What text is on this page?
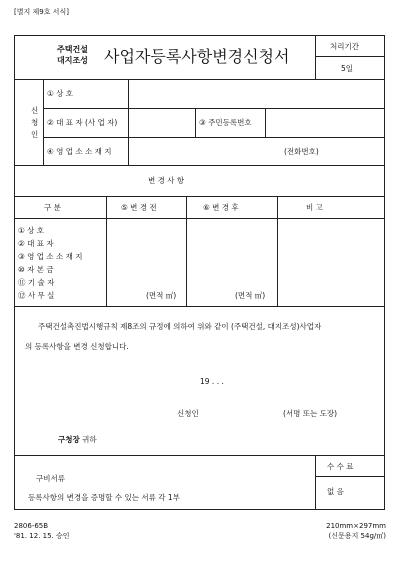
[별지 제9호 서식]
주택건설
대지조성 사업자등록사항변경신청서
처리기간
5일
신
청
인
① 상 호
② 대 표 자 (사 업 자)	③ 주민등록번호
④ 영 업 소 소 재 지	(전화번호)
변 경 사 항
구 분	⑤ 변 경 전	⑥ 변 경 후	비 고
① 상 호
② 대 표 자
③ 영 업 소 소 재 지
⑩ 자 본 금
⑪ 기 술 자
⑫ 사 무 실	(면적 ㎡)	(면적 ㎡)
주택건설촉진법시행규칙 제8조의 규정에 의하여 위와 같이 (주택건설, 대지조성)사업자
의 등록사항을 변경 신청합니다.
19 . . .
신청인	(서명 또는 도장)
구청장 귀하
구비서류
등록사항의 변경을 증명할 수 있는 서류 각 1부
수 수 료
없 음
2806-65B
'81. 12. 15. 승인
210mm×297mm
(신문용지 54g/㎡)
